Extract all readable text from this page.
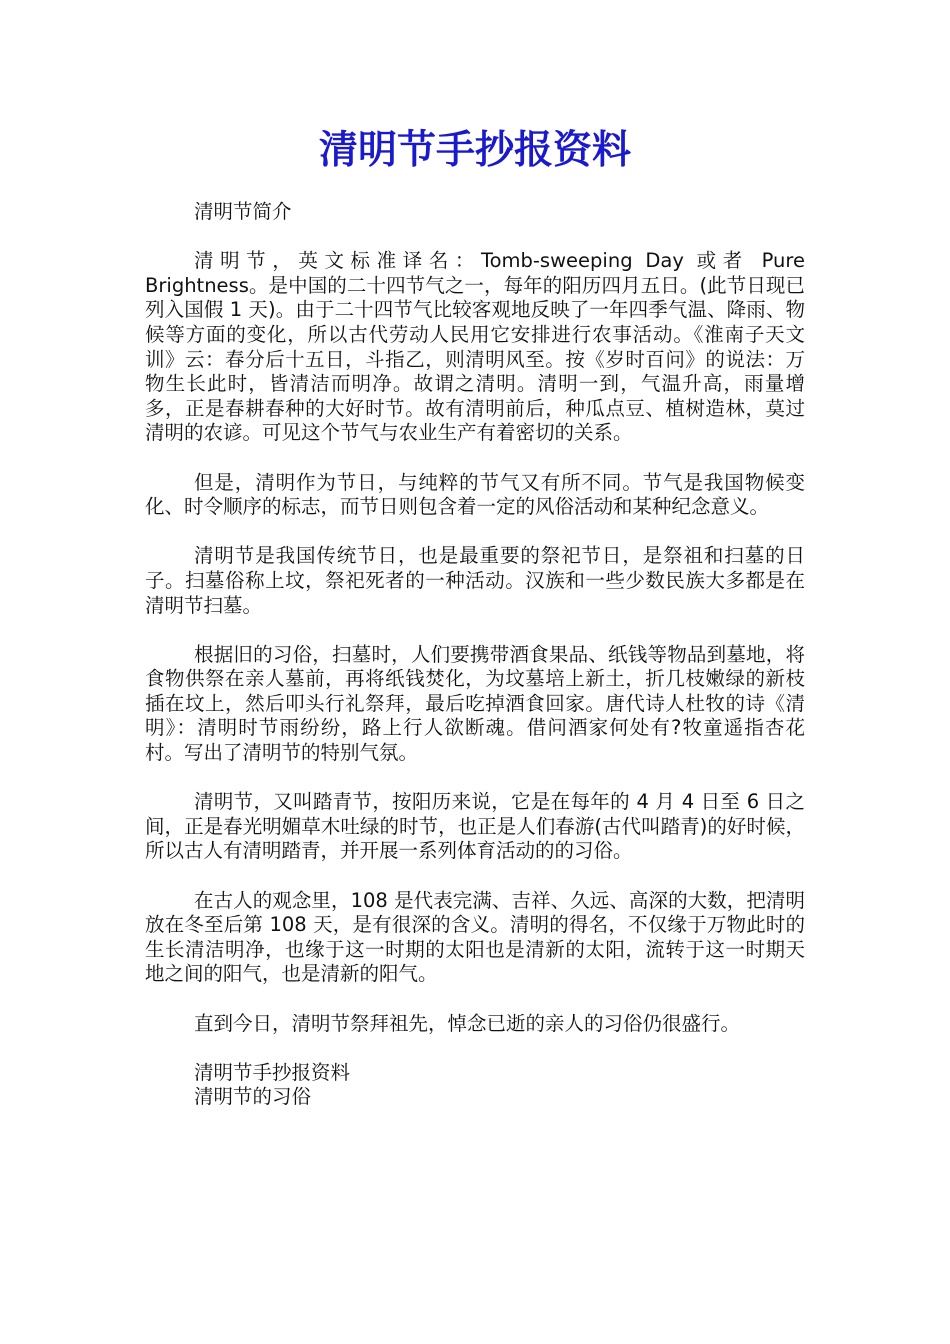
清明节手抄报资料

清明节简介

清明节，英文标准译名：Tomb-sweeping Day 或者 Pure Brightness。是中国的二十四节气之一，每年的阳历四月五日。(此节日现已列入国假 1 天)。由于二十四节气比较客观地反映了一年四季气温、降雨、物候等方面的变化，所以古代劳动人民用它安排进行农事活动。《淮南子天文训》云：春分后十五日，斗指乙，则清明风至。按《岁时百问》的说法：万物生长此时，皆清洁而明净。故谓之清明。清明一到，气温升高，雨量增多，正是春耕春种的大好时节。故有清明前后，种瓜点豆、植树造林，莫过清明的农谚。可见这个节气与农业生产有着密切的关系。

但是，清明作为节日，与纯粹的节气又有所不同。节气是我国物候变化、时令顺序的标志，而节日则包含着一定的风俗活动和某种纪念意义。

清明节是我国传统节日，也是最重要的祭祀节日，是祭祖和扫墓的日子。扫墓俗称上坟，祭祀死者的一种活动。汉族和一些少数民族大多都是在清明节扫墓。

根据旧的习俗，扫墓时，人们要携带酒食果品、纸钱等物品到墓地，将食物供祭在亲人墓前，再将纸钱焚化，为坟墓培上新土，折几枝嫩绿的新枝插在坟上，然后叩头行礼祭拜，最后吃掉酒食回家。唐代诗人杜牧的诗《清明》：清明时节雨纷纷，路上行人欲断魂。借问酒家何处有?牧童遥指杏花村。写出了清明节的特别气氛。

清明节，又叫踏青节，按阳历来说，它是在每年的 4 月 4 日至 6 日之间，正是春光明媚草木吐绿的时节，也正是人们春游(古代叫踏青)的好时候，所以古人有清明踏青，并开展一系列体育活动的的习俗。

在古人的观念里，108 是代表完满、吉祥、久远、高深的大数，把清明放在冬至后第 108 天，是有很深的含义。清明的得名，不仅缘于万物此时的生长清洁明净，也缘于这一时期的太阳也是清新的太阳，流转于这一时期天地之间的阳气，也是清新的阳气。

直到今日，清明节祭拜祖先，悼念已逝的亲人的习俗仍很盛行。

清明节手抄报资料

清明节的习俗
